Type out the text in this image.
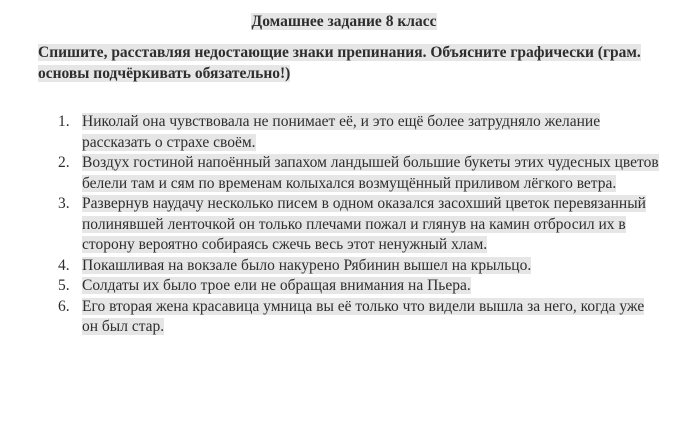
Домашнее задание 8 класс
Спишите, расставляя недостающие знаки препинания. Объясните графически (грам. основы подчёркивать обязательно!)
1. Николай она чувствовала не понимает её, и это ещё более затрудняло желание рассказать о страхе своём.
2. Воздух гостиной напоённый запахом ландышей большие букеты этих чудесных цветов белели там и сям по временам колыхался возмущённый приливом лёгкого ветра.
3. Развернув наудачу несколько писем в одном оказался засохший цветок перевязанный полинявшей ленточкой он только плечами пожал и глянув на камин отбросил их в сторону вероятно собираясь сжечь весь этот ненужный хлам.
4. Покашливая на вокзале было накурено Рябинин вышел на крыльцо.
5. Солдаты их было трое ели не обращая внимания на Пьера.
6. Его вторая жена красавица умница вы её только что видели вышла за него, когда уже он был стар.
